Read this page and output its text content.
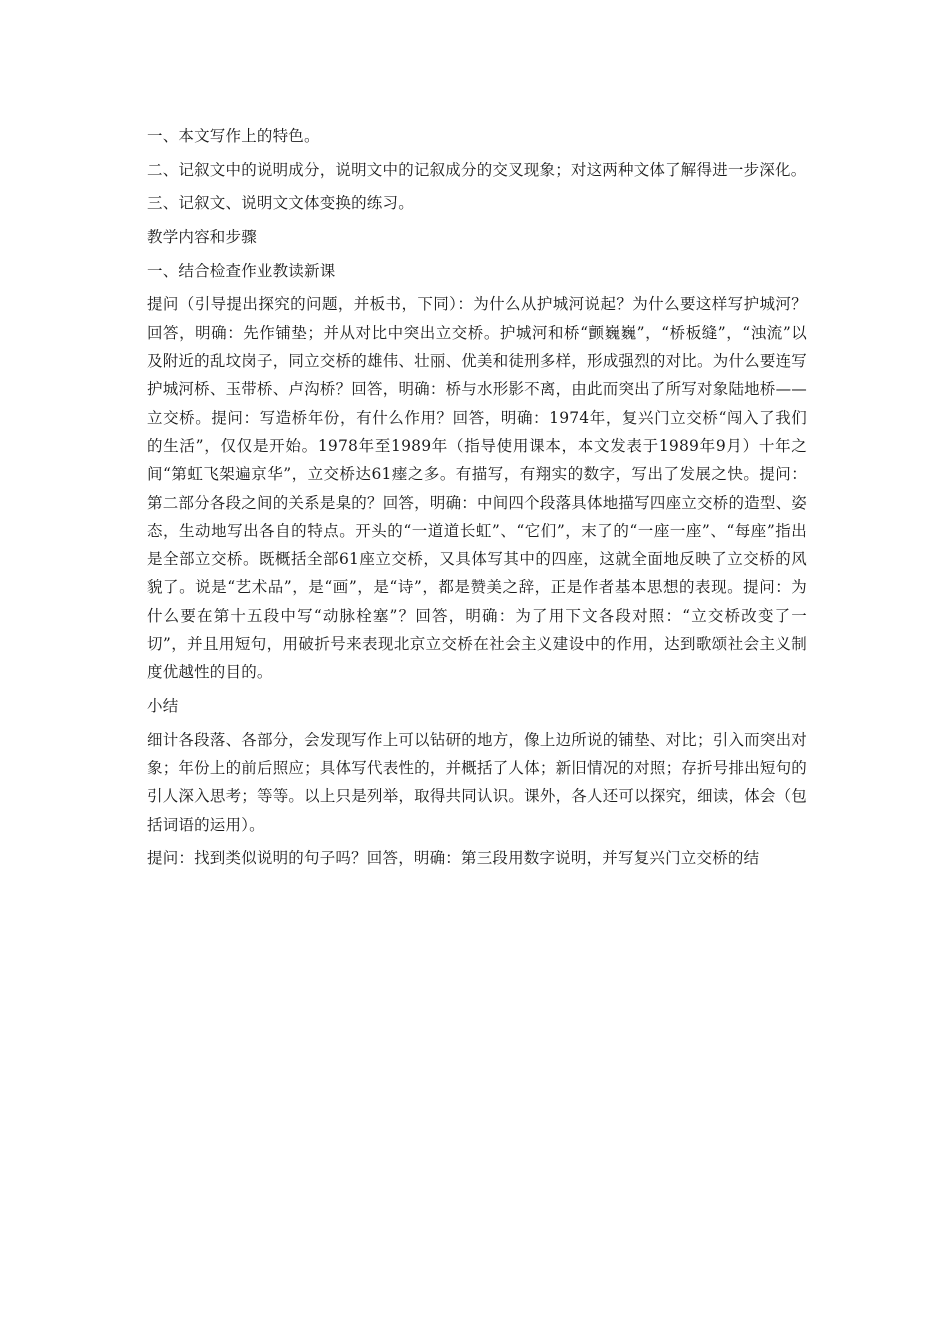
一、本文写作上的特色。

二、记叙文中的说明成分，说明文中的记叙成分的交叉现象；对这两种文体了解得进一步深化。

三、记叙文、说明文文体变换的练习。

教学内容和步骤

一、结合检查作业教读新课

提问（引导提出探究的问题，并板书，下同）：为什么从护城河说起？为什么要这样写护城河？回答，明确：先作铺垫；并从对比中突出立交桥。护城河和桥“颤巍巍”，“桥板缝”，“浊流”以及附近的乱坟岗子，同立交桥的雄伟、壮丽、优美和徒刑多样，形成强烈的对比。为什么要连写护城河桥、玉带桥、卢沟桥？回答，明确：桥与水形影不离，由此而突出了所写对象陆地桥——立交桥。提问：写造桥年份，有什么作用？回答，明确：1974年，复兴门立交桥“闯入了我们的生活”，仅仅是开始。1978年至1989年（指导使用课本，本文发表于1989年9月）十年之间“第虹飞架遍京华”，立交桥达61瘗之多。有描写，有翔实的数字，写出了发展之快。提问：第二部分各段之间的关系是臬的？回答，明确：中间四个段落具体地描写四座立交桥的造型、姿态，生动地写出各自的特点。开头的“一道道长虹”、“它们”，末了的“一座一座”、“每座”指出是全部立交桥。既概括全部61座立交桥，又具体写其中的四座，这就全面地反映了立交桥的风貌了。说是“艺术品”，是“画”，是“诗”，都是赞美之辞，正是作者基本思想的表现。提问：为什么要在第十五段中写“动脉栓塞”？回答，明确：为了用下文各段对照：“立交桥改变了一切”，并且用短句，用破折号来表现北京立交桥在社会主义建设中的作用，达到歌颂社会主义制度优越性的目的。

小结

细计各段落、各部分，会发现写作上可以钻研的地方，像上边所说的铺垫、对比；引入而突出对象；年份上的前后照应；具体写代表性的，并概括了人体；新旧情况的对照；存折号排出短句的引人深入思考；等等。以上只是列举，取得共同认识。课外，各人还可以探究，细读，体会（包括词语的运用）。

提问：找到类似说明的句子吗？回答，明确：第三段用数字说明，并写复兴门立交桥的结
